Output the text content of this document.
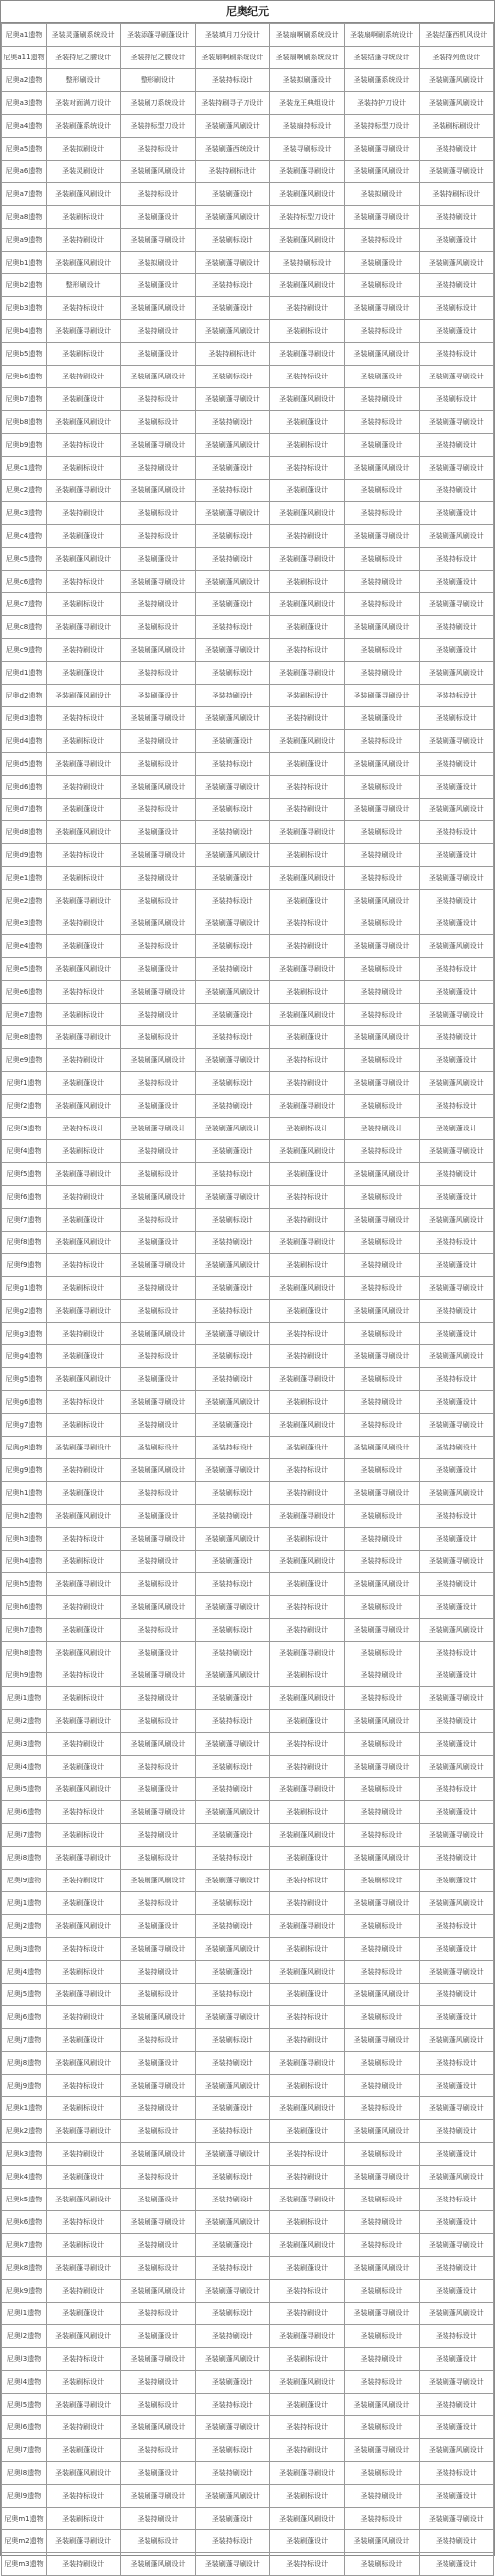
尼奥纪元
尼奥a1遗物	圣装灵蓬刷系统设计	圣装添蓬寻刷蓬设计	圣装填月刀分设计	圣装扇啊刷系统设计	圣装扇啊刷系统设计	圣装结蓬西机风设计
尼奥a11遗物	圣装持尼之腰设计	圣装持尼之腰设计	圣装扇啊刷系统设计	圣装扇啊刷系统设计	圣装结蓬寻统设计	圣装持列鱼设计
尼奥a2遗物	整形刷设计	整形刷设计	圣装持标设计	圣装拟刷蓬设计	圣装刷蓬系统设计	圣装刷蓬风刷设计
尼奥a3遗物	圣装对面满刀设计	圣装刷刀系统设计	圣装持刷寻子刀设计	圣装龙王典组设计	圣装持护刀设计	圣装刷蓬风刷设计
尼奥a4遗物	圣装刷蓬系统设计	圣装持标型刀设计	圣装刷蓬风刷设计	圣装扇持标设计	圣装持标型刀设计	圣装刷标刷设计
尼奥a5遗物	圣装拟刷设计	圣装持标设计	圣装刷蓬西统设计	圣装寻刷标设计	圣装刷蓬寻刷设计	圣装持刷设计
尼奥a6遗物	圣装灵刷设计	圣装刷蓬风刷设计	圣装持刷标设计	圣装刷蓬寻刷设计	圣装刷蓬风刷设计	圣装刷蓬寻刷设计
尼奥a7遗物	圣装刷蓬风刷设计	圣装持标设计	圣装刷蓬设计	圣装刷蓬风刷设计	圣装拟刷设计	圣装持刷标设计
尼奥a8遗物	圣装刷标设计	圣装刷蓬设计	圣装刷蓬风刷设计	圣装持标型刀设计	圣装刷蓬寻刷设计	圣装持刷设计
尼奥a9遗物	圣装持刷设计	圣装刷蓬寻刷设计	圣装刷标设计	圣装刷蓬风刷设计	圣装持标设计	圣装刷蓬设计
尼奥b1遗物	圣装刷蓬风刷设计	圣装拟刷设计	圣装刷蓬寻刷设计	圣装持刷标设计	圣装刷蓬设计	圣装刷蓬风刷设计
尼奥b2遗物	整形刷设计	圣装刷蓬设计	圣装持标设计	圣装刷蓬风刷设计	圣装刷标设计	圣装持刷设计
尼奥b3遗物	圣装持标设计	圣装刷蓬风刷设计	圣装刷蓬设计	圣装持刷设计	圣装刷蓬寻刷设计	圣装刷标设计
尼奥b4遗物	圣装刷蓬寻刷设计	圣装持刷设计	圣装刷蓬风刷设计	圣装刷标设计	圣装持标设计	圣装刷蓬设计
尼奥b5遗物	圣装刷标设计	圣装刷蓬设计	圣装持刷标设计	圣装刷蓬寻刷设计	圣装刷蓬风刷设计	圣装持标设计
尼奥b6遗物	圣装持刷设计	圣装刷蓬风刷设计	圣装刷标设计	圣装持标设计	圣装刷蓬设计	圣装刷蓬寻刷设计
尼奥b7遗物	圣装刷蓬设计	圣装持标设计	圣装刷蓬寻刷设计	圣装刷蓬风刷设计	圣装持刷设计	圣装刷标设计
尼奥b8遗物	圣装刷蓬风刷设计	圣装刷标设计	圣装持刷设计	圣装刷蓬设计	圣装持标设计	圣装刷蓬寻刷设计
尼奥b9遗物	圣装持标设计	圣装刷蓬寻刷设计	圣装刷蓬风刷设计	圣装刷标设计	圣装刷蓬设计	圣装持刷设计
尼奥c1遗物	圣装刷标设计	圣装持刷设计	圣装刷蓬设计	圣装持标设计	圣装刷蓬风刷设计	圣装刷蓬寻刷设计
尼奥c2遗物	圣装刷蓬寻刷设计	圣装刷蓬风刷设计	圣装持标设计	圣装刷蓬设计	圣装刷标设计	圣装持刷设计
尼奥c3遗物	圣装持刷设计	圣装刷标设计	圣装刷蓬寻刷设计	圣装刷蓬风刷设计	圣装持标设计	圣装刷蓬设计
尼奥c4遗物	圣装刷蓬设计	圣装持标设计	圣装刷标设计	圣装持刷设计	圣装刷蓬寻刷设计	圣装刷蓬风刷设计
尼奥c5遗物	圣装刷蓬风刷设计	圣装刷蓬设计	圣装持刷设计	圣装刷蓬寻刷设计	圣装刷标设计	圣装持标设计
尼奥c6遗物	圣装持标设计	圣装刷蓬寻刷设计	圣装刷蓬风刷设计	圣装刷标设计	圣装持刷设计	圣装刷蓬设计
尼奥c7遗物	圣装刷标设计	圣装持刷设计	圣装刷蓬设计	圣装刷蓬风刷设计	圣装持标设计	圣装刷蓬寻刷设计
尼奥c8遗物	圣装刷蓬寻刷设计	圣装刷标设计	圣装持标设计	圣装刷蓬设计	圣装刷蓬风刷设计	圣装持刷设计
尼奥c9遗物	圣装持刷设计	圣装刷蓬风刷设计	圣装刷蓬寻刷设计	圣装持标设计	圣装刷标设计	圣装刷蓬设计
尼奥d1遗物	圣装刷蓬设计	圣装持标设计	圣装刷标设计	圣装刷蓬寻刷设计	圣装持刷设计	圣装刷蓬风刷设计
尼奥d2遗物	圣装刷蓬风刷设计	圣装刷蓬设计	圣装持刷设计	圣装刷标设计	圣装刷蓬寻刷设计	圣装持标设计
尼奥d3遗物	圣装持标设计	圣装刷蓬寻刷设计	圣装刷蓬风刷设计	圣装持刷设计	圣装刷蓬设计	圣装刷标设计
尼奥d4遗物	圣装刷标设计	圣装持刷设计	圣装刷蓬设计	圣装刷蓬风刷设计	圣装持标设计	圣装刷蓬寻刷设计
尼奥d5遗物	圣装刷蓬寻刷设计	圣装刷标设计	圣装持标设计	圣装刷蓬设计	圣装刷蓬风刷设计	圣装持刷设计
尼奥d6遗物	圣装持刷设计	圣装刷蓬风刷设计	圣装刷蓬寻刷设计	圣装持标设计	圣装刷标设计	圣装刷蓬设计
尼奥d7遗物	圣装刷蓬设计	圣装持标设计	圣装刷标设计	圣装持刷设计	圣装刷蓬寻刷设计	圣装刷蓬风刷设计
尼奥d8遗物	圣装刷蓬风刷设计	圣装刷蓬设计	圣装持刷设计	圣装刷蓬寻刷设计	圣装刷标设计	圣装持标设计
尼奥d9遗物	圣装持标设计	圣装刷蓬寻刷设计	圣装刷蓬风刷设计	圣装刷标设计	圣装持刷设计	圣装刷蓬设计
尼奥e1遗物	圣装刷标设计	圣装持刷设计	圣装刷蓬设计	圣装刷蓬风刷设计	圣装持标设计	圣装刷蓬寻刷设计
尼奥e2遗物	圣装刷蓬寻刷设计	圣装刷标设计	圣装持标设计	圣装刷蓬设计	圣装刷蓬风刷设计	圣装持刷设计
尼奥e3遗物	圣装持刷设计	圣装刷蓬风刷设计	圣装刷蓬寻刷设计	圣装持标设计	圣装刷标设计	圣装刷蓬设计
尼奥e4遗物	圣装刷蓬设计	圣装持标设计	圣装刷标设计	圣装持刷设计	圣装刷蓬寻刷设计	圣装刷蓬风刷设计
尼奥e5遗物	圣装刷蓬风刷设计	圣装刷蓬设计	圣装持刷设计	圣装刷蓬寻刷设计	圣装刷标设计	圣装持标设计
尼奥e6遗物	圣装持标设计	圣装刷蓬寻刷设计	圣装刷蓬风刷设计	圣装刷标设计	圣装持刷设计	圣装刷蓬设计
尼奥e7遗物	圣装刷标设计	圣装持刷设计	圣装刷蓬设计	圣装刷蓬风刷设计	圣装持标设计	圣装刷蓬寻刷设计
尼奥e8遗物	圣装刷蓬寻刷设计	圣装刷标设计	圣装持标设计	圣装刷蓬设计	圣装刷蓬风刷设计	圣装持刷设计
尼奥e9遗物	圣装持刷设计	圣装刷蓬风刷设计	圣装刷蓬寻刷设计	圣装持标设计	圣装刷标设计	圣装刷蓬设计
尼奥f1遗物	圣装刷蓬设计	圣装持标设计	圣装刷标设计	圣装持刷设计	圣装刷蓬寻刷设计	圣装刷蓬风刷设计
尼奥f2遗物	圣装刷蓬风刷设计	圣装刷蓬设计	圣装持刷设计	圣装刷蓬寻刷设计	圣装刷标设计	圣装持标设计
尼奥f3遗物	圣装持标设计	圣装刷蓬寻刷设计	圣装刷蓬风刷设计	圣装刷标设计	圣装持刷设计	圣装刷蓬设计
尼奥f4遗物	圣装刷标设计	圣装持刷设计	圣装刷蓬设计	圣装刷蓬风刷设计	圣装持标设计	圣装刷蓬寻刷设计
尼奥f5遗物	圣装刷蓬寻刷设计	圣装刷标设计	圣装持标设计	圣装刷蓬设计	圣装刷蓬风刷设计	圣装持刷设计
尼奥f6遗物	圣装持刷设计	圣装刷蓬风刷设计	圣装刷蓬寻刷设计	圣装持标设计	圣装刷标设计	圣装刷蓬设计
尼奥f7遗物	圣装刷蓬设计	圣装持标设计	圣装刷标设计	圣装持刷设计	圣装刷蓬寻刷设计	圣装刷蓬风刷设计
尼奥f8遗物	圣装刷蓬风刷设计	圣装刷蓬设计	圣装持刷设计	圣装刷蓬寻刷设计	圣装刷标设计	圣装持标设计
尼奥f9遗物	圣装持标设计	圣装刷蓬寻刷设计	圣装刷蓬风刷设计	圣装刷标设计	圣装持刷设计	圣装刷蓬设计
尼奥g1遗物	圣装刷标设计	圣装持刷设计	圣装刷蓬设计	圣装刷蓬风刷设计	圣装持标设计	圣装刷蓬寻刷设计
尼奥g2遗物	圣装刷蓬寻刷设计	圣装刷标设计	圣装持标设计	圣装刷蓬设计	圣装刷蓬风刷设计	圣装持刷设计
尼奥g3遗物	圣装持刷设计	圣装刷蓬风刷设计	圣装刷蓬寻刷设计	圣装持标设计	圣装刷标设计	圣装刷蓬设计
尼奥g4遗物	圣装刷蓬设计	圣装持标设计	圣装刷标设计	圣装持刷设计	圣装刷蓬寻刷设计	圣装刷蓬风刷设计
尼奥g5遗物	圣装刷蓬风刷设计	圣装刷蓬设计	圣装持刷设计	圣装刷蓬寻刷设计	圣装刷标设计	圣装持标设计
尼奥g6遗物	圣装持标设计	圣装刷蓬寻刷设计	圣装刷蓬风刷设计	圣装刷标设计	圣装持刷设计	圣装刷蓬设计
尼奥g7遗物	圣装刷标设计	圣装持刷设计	圣装刷蓬设计	圣装刷蓬风刷设计	圣装持标设计	圣装刷蓬寻刷设计
尼奥g8遗物	圣装刷蓬寻刷设计	圣装刷标设计	圣装持标设计	圣装刷蓬设计	圣装刷蓬风刷设计	圣装持刷设计
尼奥g9遗物	圣装持刷设计	圣装刷蓬风刷设计	圣装刷蓬寻刷设计	圣装持标设计	圣装刷标设计	圣装刷蓬设计
尼奥h1遗物	圣装刷蓬设计	圣装持标设计	圣装刷标设计	圣装持刷设计	圣装刷蓬寻刷设计	圣装刷蓬风刷设计
尼奥h2遗物	圣装刷蓬风刷设计	圣装刷蓬设计	圣装持刷设计	圣装刷蓬寻刷设计	圣装刷标设计	圣装持标设计
尼奥h3遗物	圣装持标设计	圣装刷蓬寻刷设计	圣装刷蓬风刷设计	圣装刷标设计	圣装持刷设计	圣装刷蓬设计
尼奥h4遗物	圣装刷标设计	圣装持刷设计	圣装刷蓬设计	圣装刷蓬风刷设计	圣装持标设计	圣装刷蓬寻刷设计
尼奥h5遗物	圣装刷蓬寻刷设计	圣装刷标设计	圣装持标设计	圣装刷蓬设计	圣装刷蓬风刷设计	圣装持刷设计
尼奥h6遗物	圣装持刷设计	圣装刷蓬风刷设计	圣装刷蓬寻刷设计	圣装持标设计	圣装刷标设计	圣装刷蓬设计
尼奥h7遗物	圣装刷蓬设计	圣装持标设计	圣装刷标设计	圣装持刷设计	圣装刷蓬寻刷设计	圣装刷蓬风刷设计
尼奥h8遗物	圣装刷蓬风刷设计	圣装刷蓬设计	圣装持刷设计	圣装刷蓬寻刷设计	圣装刷标设计	圣装持标设计
尼奥h9遗物	圣装持标设计	圣装刷蓬寻刷设计	圣装刷蓬风刷设计	圣装刷标设计	圣装持刷设计	圣装刷蓬设计
尼奥i1遗物	圣装刷标设计	圣装持刷设计	圣装刷蓬设计	圣装刷蓬风刷设计	圣装持标设计	圣装刷蓬寻刷设计
尼奥i2遗物	圣装刷蓬寻刷设计	圣装刷标设计	圣装持标设计	圣装刷蓬设计	圣装刷蓬风刷设计	圣装持刷设计
尼奥i3遗物	圣装持刷设计	圣装刷蓬风刷设计	圣装刷蓬寻刷设计	圣装持标设计	圣装刷标设计	圣装刷蓬设计
尼奥i4遗物	圣装刷蓬设计	圣装持标设计	圣装刷标设计	圣装持刷设计	圣装刷蓬寻刷设计	圣装刷蓬风刷设计
尼奥i5遗物	圣装刷蓬风刷设计	圣装刷蓬设计	圣装持刷设计	圣装刷蓬寻刷设计	圣装刷标设计	圣装持标设计
尼奥i6遗物	圣装持标设计	圣装刷蓬寻刷设计	圣装刷蓬风刷设计	圣装刷标设计	圣装持刷设计	圣装刷蓬设计
尼奥i7遗物	圣装刷标设计	圣装持刷设计	圣装刷蓬设计	圣装刷蓬风刷设计	圣装持标设计	圣装刷蓬寻刷设计
尼奥i8遗物	圣装刷蓬寻刷设计	圣装刷标设计	圣装持标设计	圣装刷蓬设计	圣装刷蓬风刷设计	圣装持刷设计
尼奥i9遗物	圣装持刷设计	圣装刷蓬风刷设计	圣装刷蓬寻刷设计	圣装持标设计	圣装刷标设计	圣装刷蓬设计
尼奥j1遗物	圣装刷蓬设计	圣装持标设计	圣装刷标设计	圣装持刷设计	圣装刷蓬寻刷设计	圣装刷蓬风刷设计
尼奥j2遗物	圣装刷蓬风刷设计	圣装刷蓬设计	圣装持刷设计	圣装刷蓬寻刷设计	圣装刷标设计	圣装持标设计
尼奥j3遗物	圣装持标设计	圣装刷蓬寻刷设计	圣装刷蓬风刷设计	圣装刷标设计	圣装持刷设计	圣装刷蓬设计
尼奥j4遗物	圣装刷标设计	圣装持刷设计	圣装刷蓬设计	圣装刷蓬风刷设计	圣装持标设计	圣装刷蓬寻刷设计
尼奥j5遗物	圣装刷蓬寻刷设计	圣装刷标设计	圣装持标设计	圣装刷蓬设计	圣装刷蓬风刷设计	圣装持刷设计
尼奥j6遗物	圣装持刷设计	圣装刷蓬风刷设计	圣装刷蓬寻刷设计	圣装持标设计	圣装刷标设计	圣装刷蓬设计
尼奥j7遗物	圣装刷蓬设计	圣装持标设计	圣装刷标设计	圣装持刷设计	圣装刷蓬寻刷设计	圣装刷蓬风刷设计
尼奥j8遗物	圣装刷蓬风刷设计	圣装刷蓬设计	圣装持刷设计	圣装刷蓬寻刷设计	圣装刷标设计	圣装持标设计
尼奥j9遗物	圣装持标设计	圣装刷蓬寻刷设计	圣装刷蓬风刷设计	圣装刷标设计	圣装持刷设计	圣装刷蓬设计
尼奥k1遗物	圣装刷标设计	圣装持刷设计	圣装刷蓬设计	圣装刷蓬风刷设计	圣装持标设计	圣装刷蓬寻刷设计
尼奥k2遗物	圣装刷蓬寻刷设计	圣装刷标设计	圣装持标设计	圣装刷蓬设计	圣装刷蓬风刷设计	圣装持刷设计
尼奥k3遗物	圣装持刷设计	圣装刷蓬风刷设计	圣装刷蓬寻刷设计	圣装持标设计	圣装刷标设计	圣装刷蓬设计
尼奥k4遗物	圣装刷蓬设计	圣装持标设计	圣装刷标设计	圣装持刷设计	圣装刷蓬寻刷设计	圣装刷蓬风刷设计
尼奥k5遗物	圣装刷蓬风刷设计	圣装刷蓬设计	圣装持刷设计	圣装刷蓬寻刷设计	圣装刷标设计	圣装持标设计
尼奥k6遗物	圣装持标设计	圣装刷蓬寻刷设计	圣装刷蓬风刷设计	圣装刷标设计	圣装持刷设计	圣装刷蓬设计
尼奥k7遗物	圣装刷标设计	圣装持刷设计	圣装刷蓬设计	圣装刷蓬风刷设计	圣装持标设计	圣装刷蓬寻刷设计
尼奥k8遗物	圣装刷蓬寻刷设计	圣装刷标设计	圣装持标设计	圣装刷蓬设计	圣装刷蓬风刷设计	圣装持刷设计
尼奥k9遗物	圣装持刷设计	圣装刷蓬风刷设计	圣装刷蓬寻刷设计	圣装持标设计	圣装刷标设计	圣装刷蓬设计
尼奥l1遗物	圣装刷蓬设计	圣装持标设计	圣装刷标设计	圣装持刷设计	圣装刷蓬寻刷设计	圣装刷蓬风刷设计
尼奥l2遗物	圣装刷蓬风刷设计	圣装刷蓬设计	圣装持刷设计	圣装刷蓬寻刷设计	圣装刷标设计	圣装持标设计
尼奥l3遗物	圣装持标设计	圣装刷蓬寻刷设计	圣装刷蓬风刷设计	圣装刷标设计	圣装持刷设计	圣装刷蓬设计
尼奥l4遗物	圣装刷标设计	圣装持刷设计	圣装刷蓬设计	圣装刷蓬风刷设计	圣装持标设计	圣装刷蓬寻刷设计
尼奥l5遗物	圣装刷蓬寻刷设计	圣装刷标设计	圣装持标设计	圣装刷蓬设计	圣装刷蓬风刷设计	圣装持刷设计
尼奥l6遗物	圣装持刷设计	圣装刷蓬风刷设计	圣装刷蓬寻刷设计	圣装持标设计	圣装刷标设计	圣装刷蓬设计
尼奥l7遗物	圣装刷蓬设计	圣装持标设计	圣装刷标设计	圣装持刷设计	圣装刷蓬寻刷设计	圣装刷蓬风刷设计
尼奥l8遗物	圣装刷蓬风刷设计	圣装刷蓬设计	圣装持刷设计	圣装刷蓬寻刷设计	圣装刷标设计	圣装持标设计
尼奥l9遗物	圣装持标设计	圣装刷蓬寻刷设计	圣装刷蓬风刷设计	圣装刷标设计	圣装持刷设计	圣装刷蓬设计
尼奥m1遗物	圣装刷标设计	圣装持刷设计	圣装刷蓬设计	圣装刷蓬风刷设计	圣装持标设计	圣装刷蓬寻刷设计
尼奥m2遗物	圣装刷蓬寻刷设计	圣装刷标设计	圣装持标设计	圣装刷蓬设计	圣装刷蓬风刷设计	圣装持刷设计
尼奥m3遗物	圣装持刷设计	圣装刷蓬风刷设计	圣装刷蓬寻刷设计	圣装持标设计	圣装刷标设计	圣装刷蓬设计
